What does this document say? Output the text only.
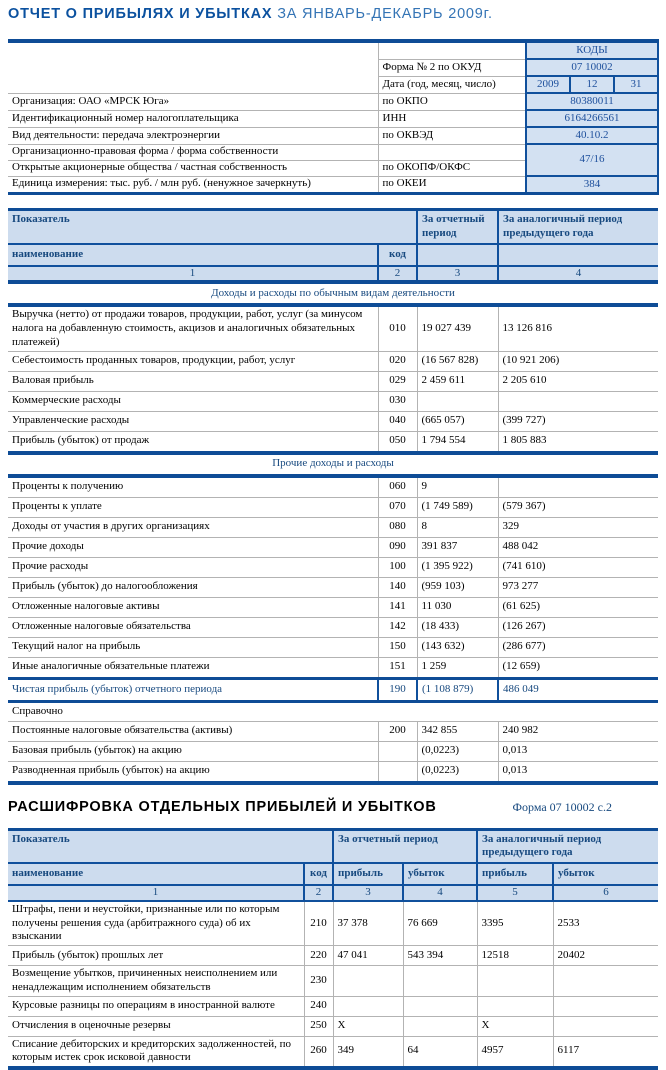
ОТЧЕТ О ПРИБЫЛЯХ И УБЫТКАХ ЗА ЯНВАРЬ-ДЕКАБРЬ 2009г.
		КОДЫ		
	Форма № 2 по ОКУД	07 10002		
	Дата (год, месяц, число)	2009	12	31
Организация: ОАО «МРСК Юга»	по ОКПО	80380011		
Идентификационный номер налогоплательщика	ИНН	6164266561		
Вид деятельности: передача электроэнергии	по ОКВЭД	40.10.2		
Организационно-правовая форма / форма собственности		47/16		
Открытые акционерные общества / частная собственность	по ОКОПФ/ОКФС			
Единица измерения: тыс. руб. / млн руб. (ненужное зачеркнуть)	по ОКЕИ	384		
Показатель		За отчетный период	За аналогичный период предыдущего года
наименование	код		
1	2	3	4
Доходы и расходы по обычным видам деятельности			
Выручка (нетто) от продажи товаров, продукции, работ, услуг (за минусом налога на добавленную стоимость, акцизов и аналогичных обязательных платежей)	010	19 027 439	13 126 816
Себестоимость проданных товаров, продукции, работ, услуг	020	(16 567 828)	(10 921 206)
Валовая прибыль	029	2 459 611	2 205 610
Коммерческие расходы	030		
Управленческие расходы	040	(665 057)	(399 727)
Прибыль (убыток) от продаж	050	1 794 554	1 805 883
Прочие доходы и расходы			
Проценты к получению	060	9	
Проценты к уплате	070	(1 749 589)	(579 367)
Доходы от участия в других организациях	080	8	329
Прочие доходы	090	391 837	488 042
Прочие расходы	100	(1 395 922)	(741 610)
Прибыль (убыток) до налогообложения	140	(959 103)	973 277
Отложенные налоговые активы	141	11 030	(61 625)
Отложенные налоговые обязательства	142	(18 433)	(126 267)
Текущий налог на прибыль	150	(143 632)	(286 677)
Иные аналогичные обязательные платежи	151	1 259	(12 659)
Чистая прибыль (убыток) отчетного периода	190	(1 108 879)	486 049
Справочно			
Постоянные налоговые обязательства (активы)	200	342 855	240 982
Базовая прибыль (убыток) на акцию		(0,0223)	0,013
Разводненная прибыль (убыток) на акцию		(0,0223)	0,013
РАСШИФРОВКА ОТДЕЛЬНЫХ ПРИБЫЛЕЙ И УБЫТКОВ	Форма 07 10002 с.2
Показатель		За отчетный период		За аналогичный период предыдущего года	
наименование	код	прибыль	убыток	прибыль	убыток
1	2	3	4	5	6
Штрафы, пени и неустойки, признанные или по которым получены решения суда (арбитражного суда) об их взыскании	210	37 378	76 669	3395	2533
Прибыль (убыток) прошлых лет	220	47 041	543 394	12518	20402
Возмещение убытков, причиненных неисполнением или ненадлежащим исполнением обязательств	230				
Курсовые разницы по операциям в иностранной валюте	240				
Отчисления в оценочные резервы	250	X		X	
Списание дебиторских и кредиторских задолженностей, по которым истек срок исковой давности	260	349	64	4957	6117
